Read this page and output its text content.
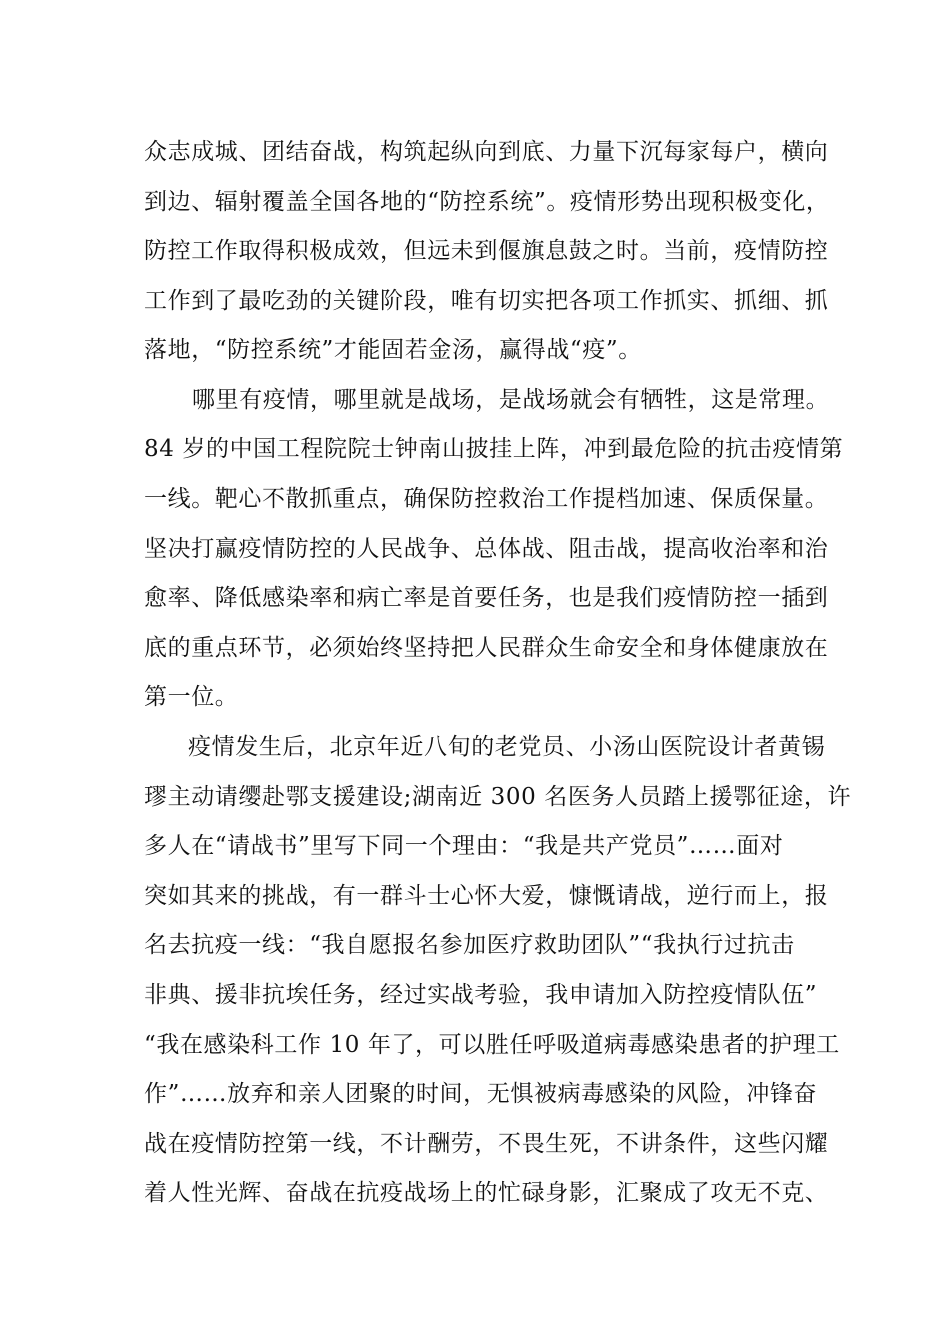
众志成城、团结奋战，构筑起纵向到底、力量下沉每家每户，横向
到边、辐射覆盖全国各地的“防控系统”。疫情形势出现积极变化，
防控工作取得积极成效，但远未到偃旗息鼓之时。当前，疫情防控
工作到了最吃劲的关键阶段，唯有切实把各项工作抓实、抓细、抓
落地，“防控系统”才能固若金汤，赢得战“疫”。
哪里有疫情，哪里就是战场，是战场就会有牺牲，这是常理。
84 岁的中国工程院院士钟南山披挂上阵，冲到最危险的抗击疫情第
一线。靶心不散抓重点，确保防控救治工作提档加速、保质保量。
坚决打赢疫情防控的人民战争、总体战、阻击战，提高收治率和治
愈率、降低感染率和病亡率是首要任务，也是我们疫情防控一插到
底的重点环节，必须始终坚持把人民群众生命安全和身体健康放在
第一位。
疫情发生后，北京年近八旬的老党员、小汤山医院设计者黄锡
璆主动请缨赴鄂支援建设;湖南近 300 名医务人员踏上援鄂征途，许
多人在“请战书”里写下同一个理由：“我是共产党员”……面对
突如其来的挑战，有一群斗士心怀大爱，慷慨请战，逆行而上，报
名去抗疫一线：“我自愿报名参加医疗救助团队”“我执行过抗击
非典、援非抗埃任务，经过实战考验，我申请加入防控疫情队伍”
“我在感染科工作 10 年了，可以胜任呼吸道病毒感染患者的护理工
作”……放弃和亲人团聚的时间，无惧被病毒感染的风险，冲锋奋
战在疫情防控第一线，不计酬劳，不畏生死，不讲条件，这些闪耀
着人性光辉、奋战在抗疫战场上的忙碌身影，汇聚成了攻无不克、
